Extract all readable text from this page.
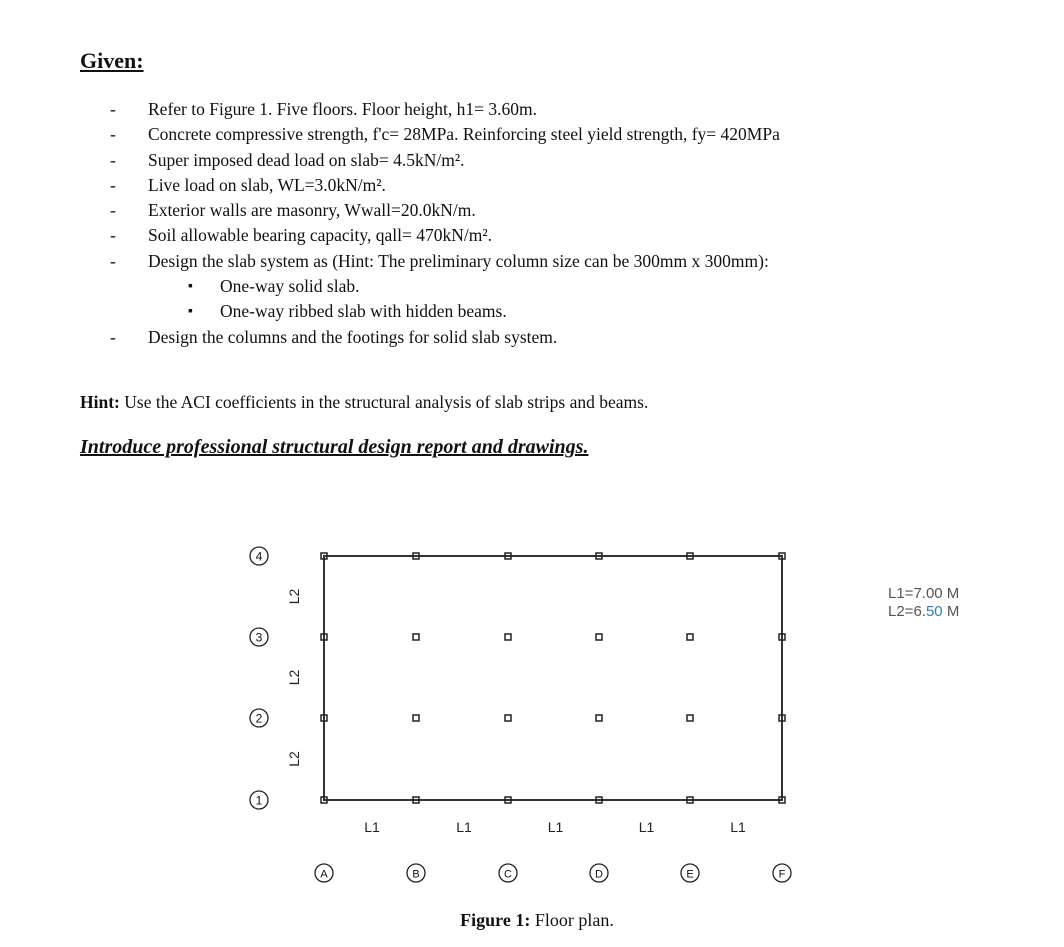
Given:
- Refer to Figure 1. Five floors. Floor height, h1= 3.60m.
- Concrete compressive strength, f'c= 28MPa. Reinforcing steel yield strength, fy= 420MPa
- Super imposed dead load on slab= 4.5kN/m².
- Live load on slab, WL=3.0kN/m².
- Exterior walls are masonry, Wwall=20.0kN/m.
- Soil allowable bearing capacity, qall= 470kN/m².
- Design the slab system as (Hint: The preliminary column size can be 300mm x 300mm):
▪ One-way solid slab.
▪ One-way ribbed slab with hidden beams.
- Design the columns and the footings for solid slab system.
Hint: Use the ACI coefficients in the structural analysis of slab strips and beams.
Introduce professional structural design report and drawings.
4
3
2
1
A	B	C	D	E	F
L1	L1	L1	L1	L1
L2
L2
L2
L1=7.00 M
L2=6.50 M
Figure 1: Floor plan.
